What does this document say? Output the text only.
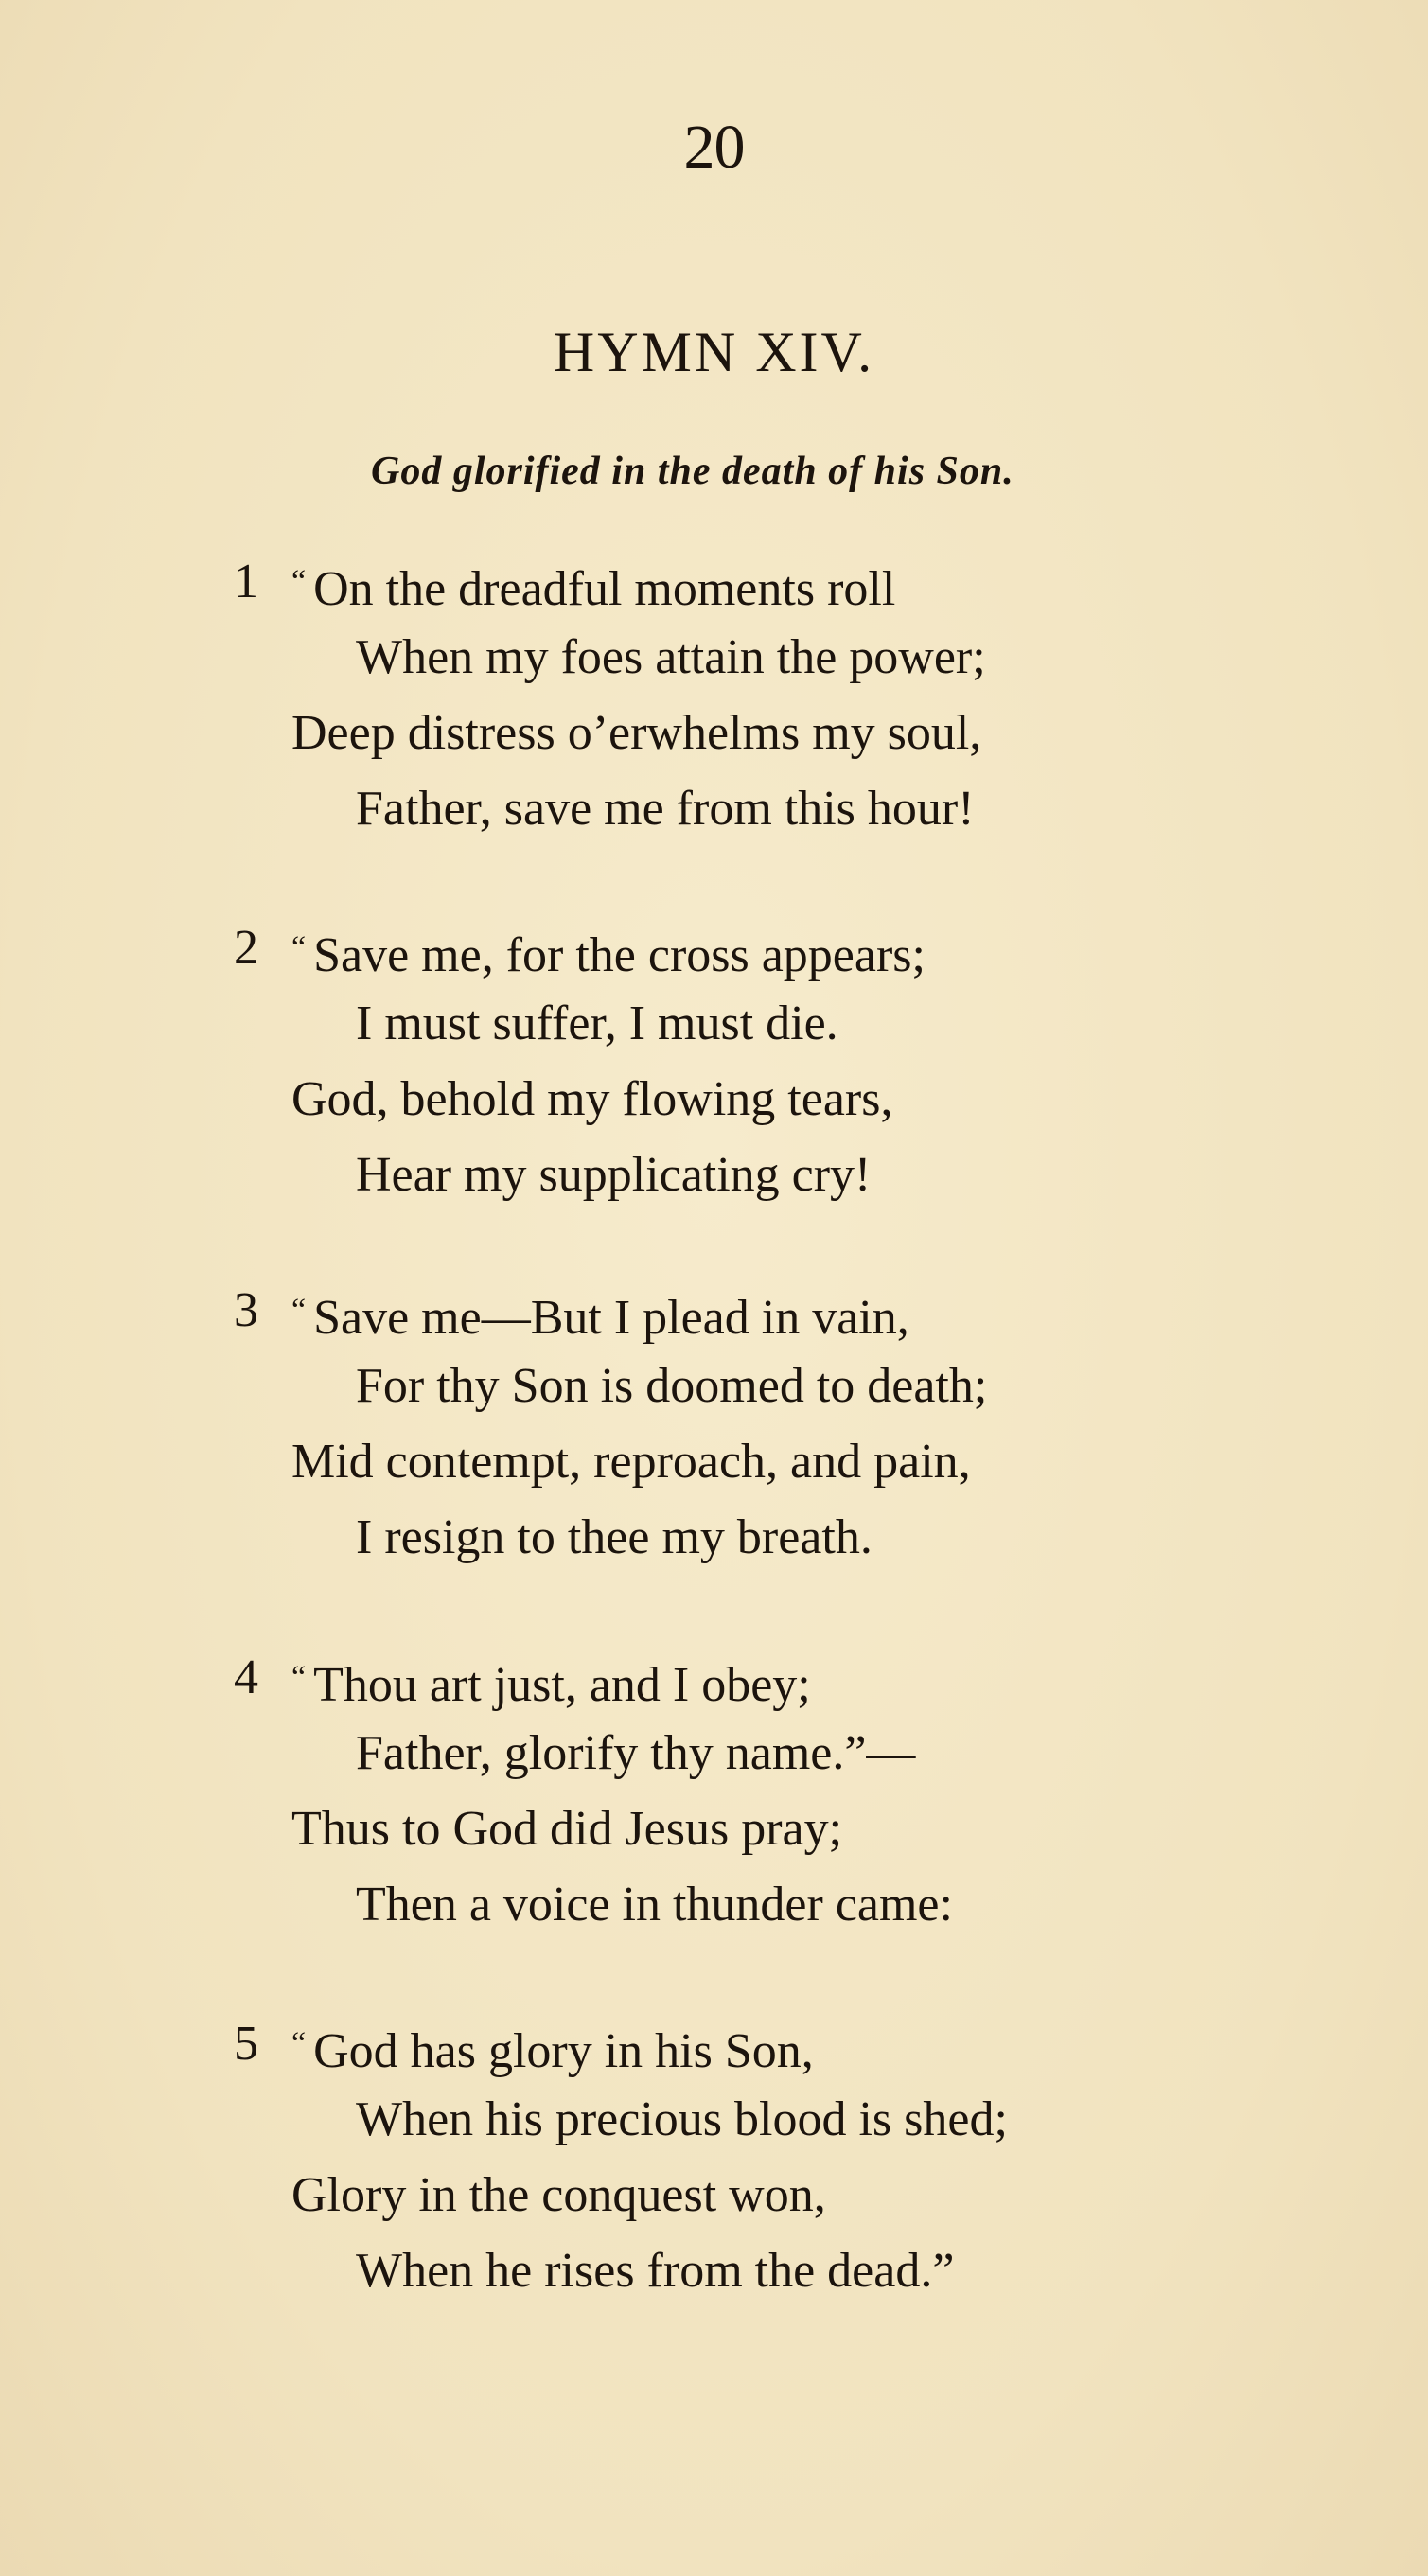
20
HYMN XIV.
God glorified in the death of his Son.
1 “ On the dreadful moments roll
When my foes attain the power;
Deep distress o’erwhelms my soul,
Father, save me from this hour!
2 “ Save me, for the cross appears;
I must suffer, I must die.
God, behold my flowing tears,
Hear my supplicating cry!
3 “ Save me—But I plead in vain,
For thy Son is doomed to death;
Mid contempt, reproach, and pain,
I resign to thee my breath.
4 “ Thou art just, and I obey;
Father, glorify thy name.”—
Thus to God did Jesus pray;
Then a voice in thunder came:
5 “ God has glory in his Son,
When his precious blood is shed;
Glory in the conquest won,
When he rises from the dead.”
